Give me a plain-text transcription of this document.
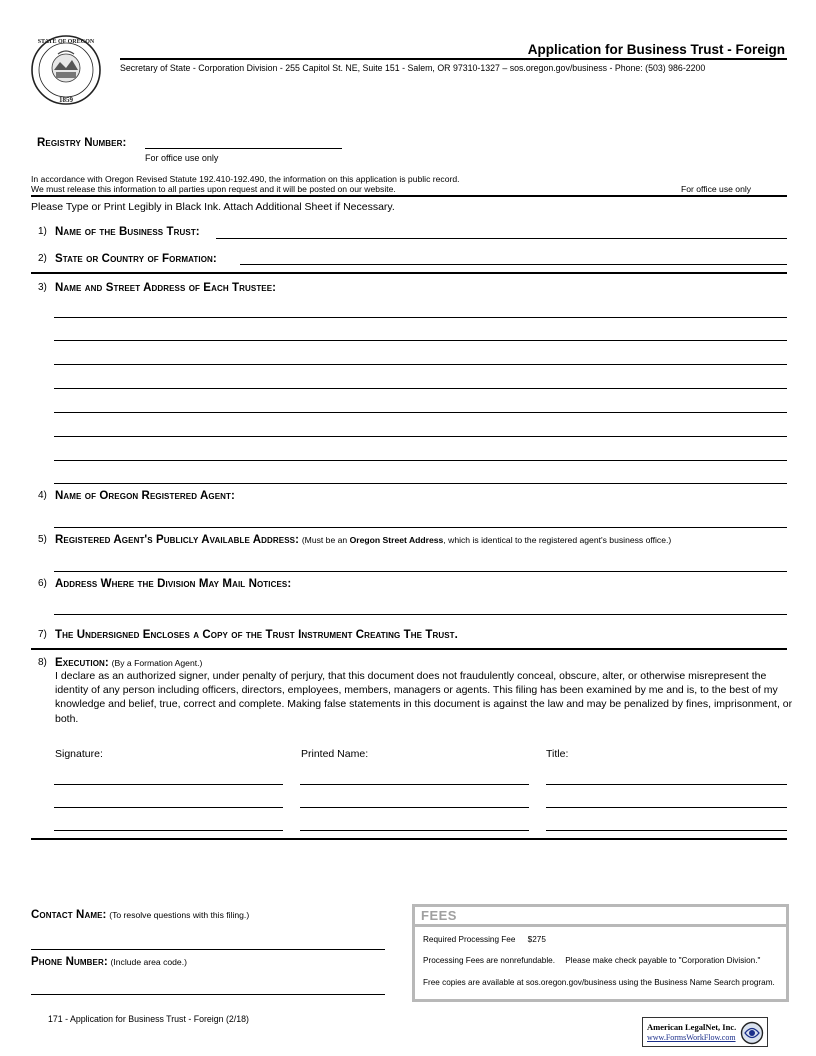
STATE OF OREGON
1859
Application for Business Trust - Foreign
Secretary of State - Corporation Division - 255 Capitol St. NE, Suite 151 - Salem, OR 97310-1327 – sos.oregon.gov/business - Phone: (503) 986-2200
Registry Number:
For office use only
In accordance with Oregon Revised Statute 192.410-192.490, the information on this application is public record.
We must release this information to all parties upon request and it will be posted on our website.	For office use only
Please Type or Print Legibly in Black Ink. Attach Additional Sheet if Necessary.
1) Name of the Business Trust:
2) State or Country of Formation:
3) Name and Street Address of Each Trustee:
4) Name of Oregon Registered Agent:
5) Registered Agent's Publicly Available Address: (Must be an Oregon Street Address, which is identical to the registered agent's business office.)
6) Address Where the Division May Mail Notices:
7) The Undersigned Encloses a Copy of the Trust Instrument Creating The Trust.
8) Execution: (By a Formation Agent.)
I declare as an authorized signer, under penalty of perjury, that this document does not fraudulently conceal, obscure, alter, or otherwise misrepresent the identity of any person including officers, directors, employees, members, managers or agents. This filing has been examined by me and is, to the best of my knowledge and belief, true, correct and complete. Making false statements in this document is against the law and may be penalized by fines, imprisonment, or both.
Signature:	Printed Name:	Title:
Contact Name: (To resolve questions with this filing.)
Phone Number: (Include area code.)
FEES
Required Processing Fee $275
Processing Fees are nonrefundable. Please make check payable to "Corporation Division."
Free copies are available at sos.oregon.gov/business using the Business Name Search program.
171 - Application for Business Trust - Foreign (2/18)
American LegalNet, Inc.
www.FormsWorkFlow.com
